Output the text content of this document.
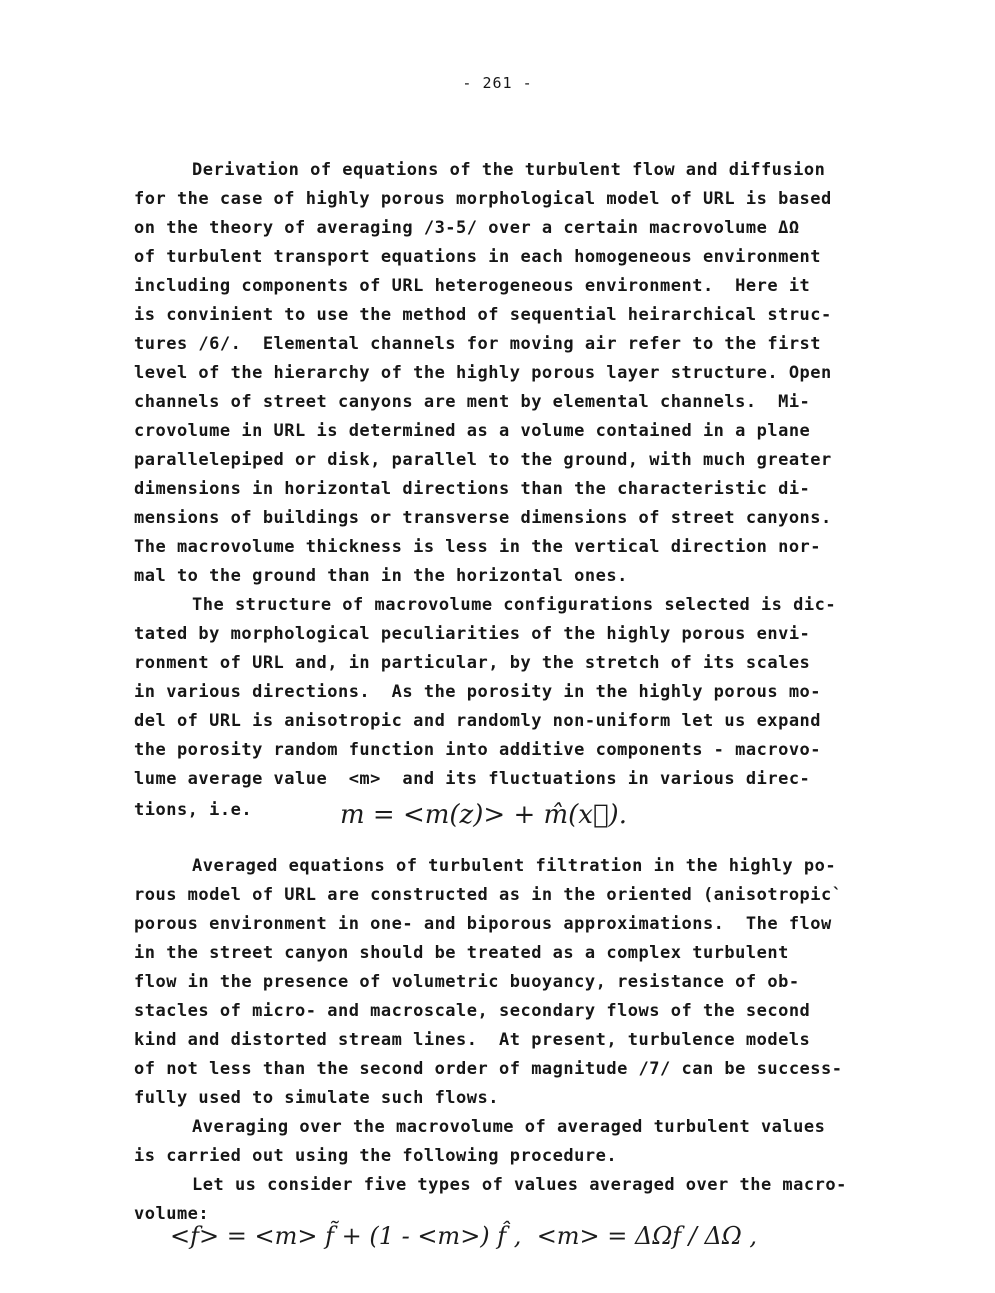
- 261 -
Derivation of equations of the turbulent flow and diffusion
for the case of highly porous morphological model of URL is based
on the theory of averaging /3-5/ over a certain macrovolume ΔΩ
of turbulent transport equations in each homogeneous environment
including components of URL heterogeneous environment.  Here it
is convinient to use the method of sequential heirarchical struc-
tures /6/.  Elemental channels for moving air refer to the first
level of the hierarchy of the highly porous layer structure. Open
channels of street canyons are ment by elemental channels.  Mi-
crovolume in URL is determined as a volume contained in a plane
parallelepiped or disk, parallel to the ground, with much greater
dimensions in horizontal directions than the characteristic di-
mensions of buildings or transverse dimensions of street canyons.
The macrovolume thickness is less in the vertical direction nor-
mal to the ground than in the horizontal ones.
The structure of macrovolume configurations selected is dic-
tated by morphological peculiarities of the highly porous envi-
ronment of URL and, in particular, by the stretch of its scales
in various directions.  As the porosity in the highly porous mo-
del of URL is anisotropic and randomly non-uniform let us expand
the porosity random function into additive components - macrovo-
lume average value  <m>  and its fluctuations in various direc-
tions, i.e.	m = <m(z)> + m̂(x⃗).
Averaged equations of turbulent filtration in the highly po-
rous model of URL are constructed as in the oriented (anisotropic`
porous environment in one- and biporous approximations.  The flow
in the street canyon should be treated as a complex turbulent
flow in the presence of volumetric buoyancy, resistance of ob-
stacles of micro- and macroscale, secondary flows of the second
kind and distorted stream lines.  At present, turbulence models
of not less than the second order of magnitude /7/ can be success-
fully used to simulate such flows.
Averaging over the macrovolume of averaged turbulent values
is carried out using the following procedure.
Let us consider five types of values averaged over the macro-
volume:
<f> = <m> f̃ + (1 - <m>) f̂ ,  <m> = ΔΩf / ΔΩ ,
